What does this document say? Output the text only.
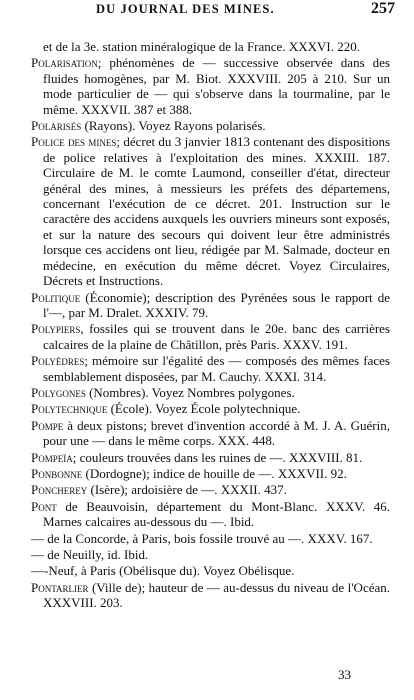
DU JOURNAL DES MINES.	257

et de la 3e. station minéralogique de la France. XXXVI. 220.

Polarisation; phénomènes de — successive observée dans des fluides homogènes, par M. Biot. XXXVIII. 205 à 210. Sur un mode particulier de — qui s'observe dans la tourmaline, par le même. XXXVII. 387 et 388.

Polarisés (Rayons). Voyez Rayons polarisés.

Police des mines; décret du 3 janvier 1813 contenant des dispositions de police relatives à l'exploitation des mines. XXXIII. 187. Circulaire de M. le comte Laumond, conseiller d'état, directeur général des mines, à messieurs les préfets des départemens, concernant l'exécution de ce décret. 201. Instruction sur le caractère des accidens auxquels les ouvriers mineurs sont exposés, et sur la nature des secours qui doivent leur être administrés lorsque ces accidens ont lieu, rédigée par M. Salmade, docteur en médecine, en exécution du même décret. Voyez Circulaires, Décrets et Instructions.

Politique (Économie); description des Pyrénées sous le rapport de l'—, par M. Dralet. XXXIV. 79.

Polypiers, fossiles qui se trouvent dans le 20e. banc des carrières calcaires de la plaine de Châtillon, près Paris. XXXV. 191.

Polyèdres; mémoire sur l'égalité des — composés des mêmes faces semblablement disposées, par M. Cauchy. XXXI. 314.

Polygones (Nombres). Voyez Nombres polygones.

Polytechnique (École). Voyez École polytechnique.

Pompe à deux pistons; brevet d'invention accordé à M. J. A. Guérin, pour une — dans le même corps. XXX. 448.

Pompeïa; couleurs trouvées dans les ruines de —. XXXVIII. 81.

Ponbonne (Dordogne); indice de houille de —. XXXVII. 92.

Poncherey (Isère); ardoisière de —. XXXII. 437.

Pont de Beauvoisin, département du Mont-Blanc. XXXV. 46. Marnes calcaires au-dessous du —. Ibid.

— de la Concorde, à Paris, bois fossile trouvé au —. XXXV. 167.

— de Neuilly, id. Ibid.

—-Neuf, à Paris (Obélisque du). Voyez Obélisque.

Pontarlier (Ville de); hauteur de — au-dessus du niveau de l'Océan. XXXVIII. 203.

33
